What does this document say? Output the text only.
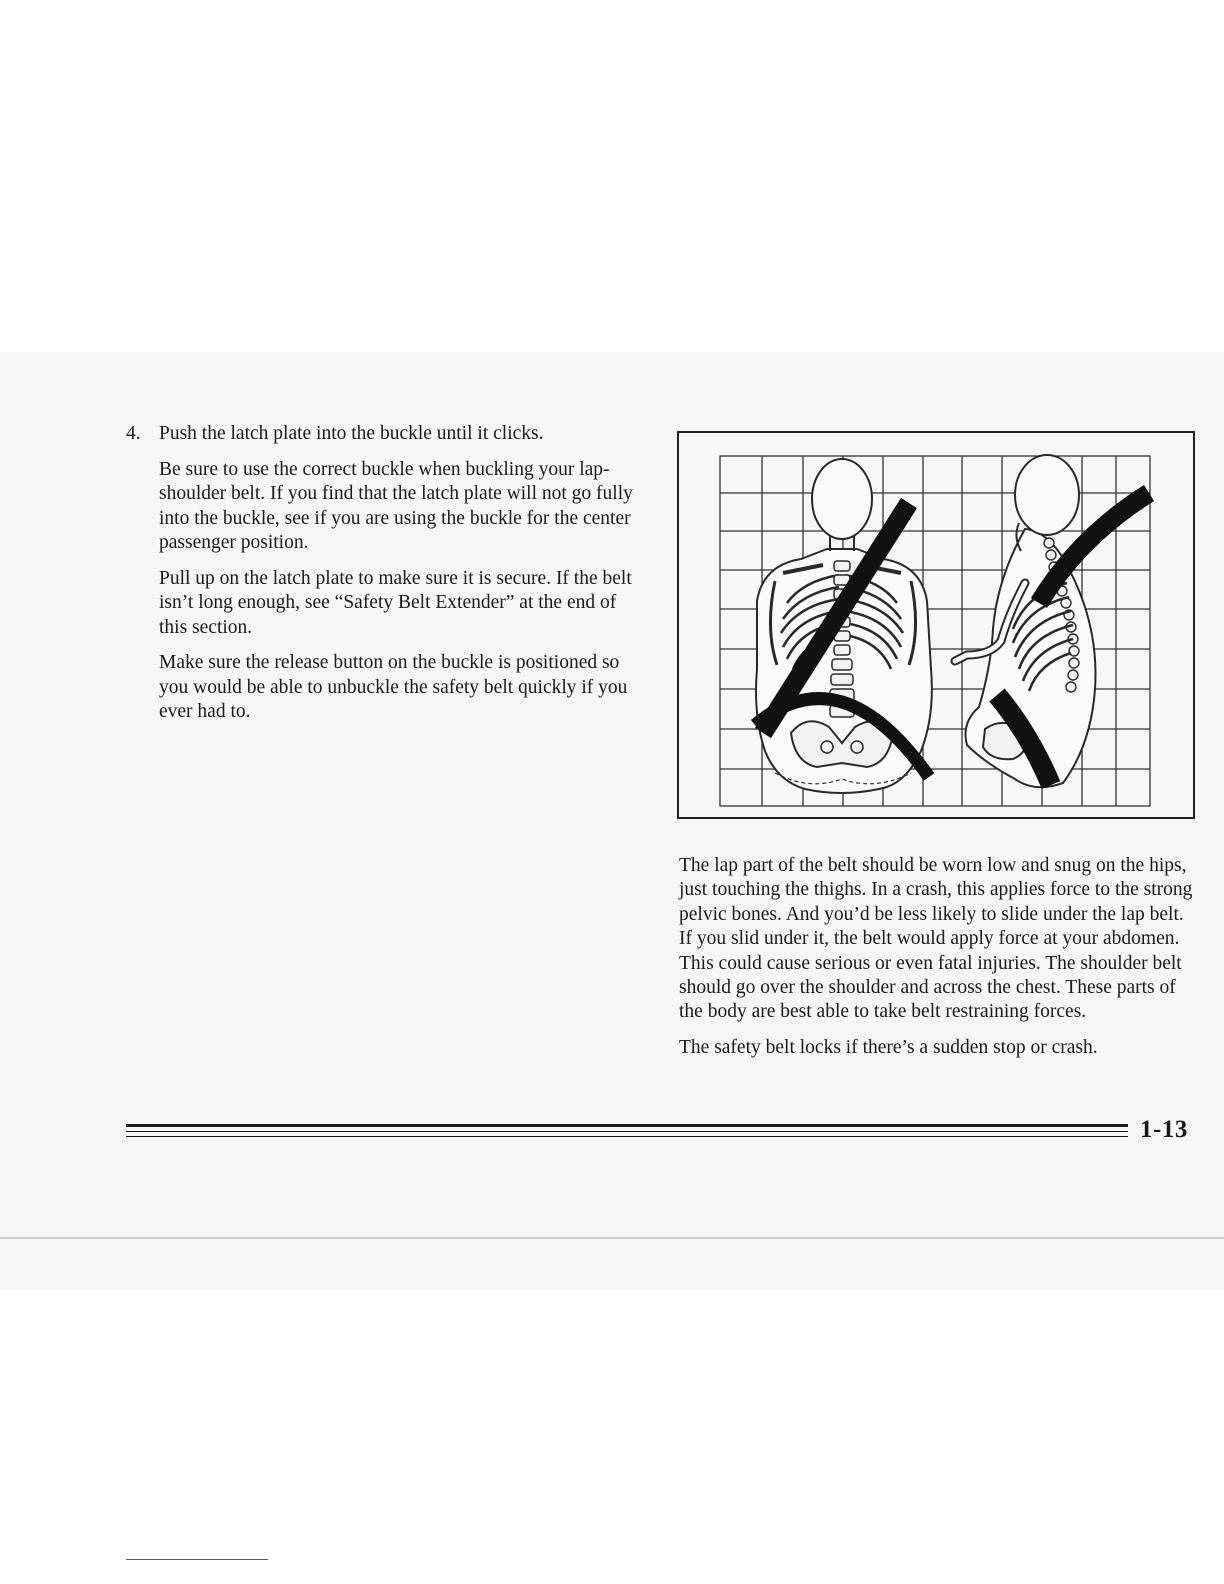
4. Push the latch plate into the buckle until it clicks.

Be sure to use the correct buckle when buckling your lap-shoulder belt. If you find that the latch plate will not go fully into the buckle, see if you are using the buckle for the center passenger position.

Pull up on the latch plate to make sure it is secure. If the belt isn’t long enough, see “Safety Belt Extender” at the end of this section.

Make sure the release button on the buckle is positioned so you would be able to unbuckle the safety belt quickly if you ever had to.

The lap part of the belt should be worn low and snug on the hips, just touching the thighs. In a crash, this applies force to the strong pelvic bones. And you’d be less likely to slide under the lap belt. If you slid under it, the belt would apply force at your abdomen. This could cause serious or even fatal injuries. The shoulder belt should go over the shoulder and across the chest. These parts of the body are best able to take belt restraining forces.

The safety belt locks if there’s a sudden stop or crash.

1-13
